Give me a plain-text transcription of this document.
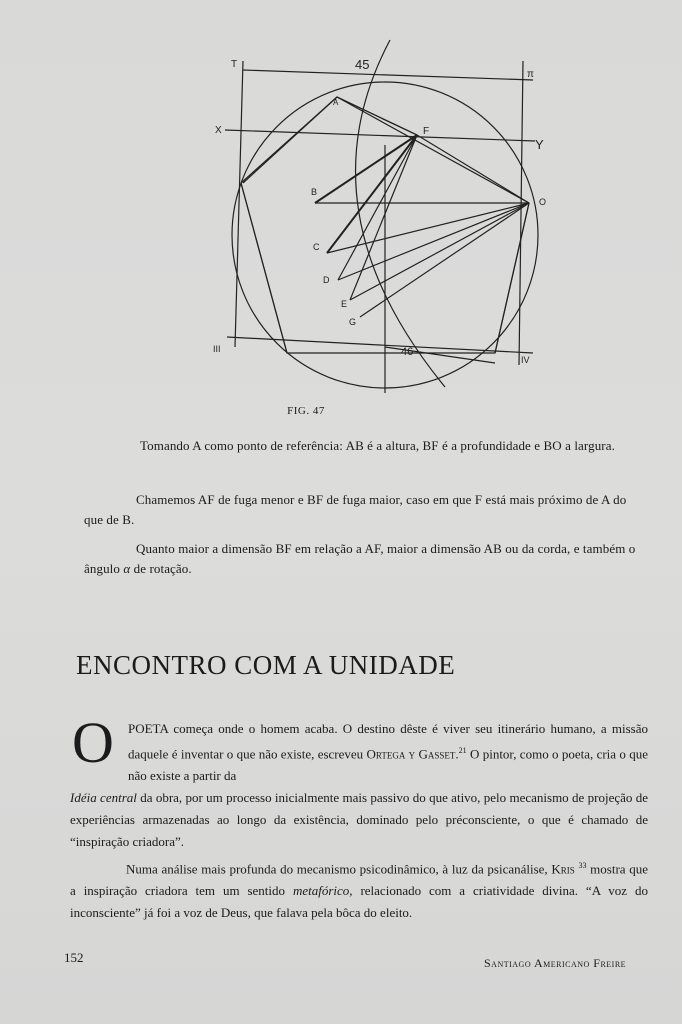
T	45
π
X
Y
A
F
B
O
C
D
E
G
III	46
IV
FIG. 47

Tomando A como ponto de referência: AB é a altura, BF é a profundidade e BO a largura.

Chamemos AF de fuga menor e BF de fuga maior, caso em que F está mais próximo de A do que de B.

Quanto maior a dimensão BF em relação a AF, maior a dimensão AB ou da corda, e também o ângulo α de rotação.

ENCONTRO COM A UNIDADE
O	POETA começa onde o homem acaba. O destino dêste é viver seu itinerário humano, a missão daquele é inventar o que não existe, escreveu Ortega y Gasset.$^{21}$ O pintor, como o poeta, cria o que não existe a partir da
Idéia central da obra, por um processo inicialmente mais passivo do que ativo, pelo mecanismo de projeção de experiências armazenadas ao longo da existência, dominado pelo préconsciente, o que é chamado de “inspiração criadora”.

Numa análise mais profunda do mecanismo psicodinâmico, à luz da psicanálise, Kris $^{33}$ mostra que a inspiração criadora tem um sentido metafórico, relacionado com a criatividade divina. “A voz do inconsciente” já foi a voz de Deus, que falava pela bôca do eleito.

152	Santiago Americano Freire
